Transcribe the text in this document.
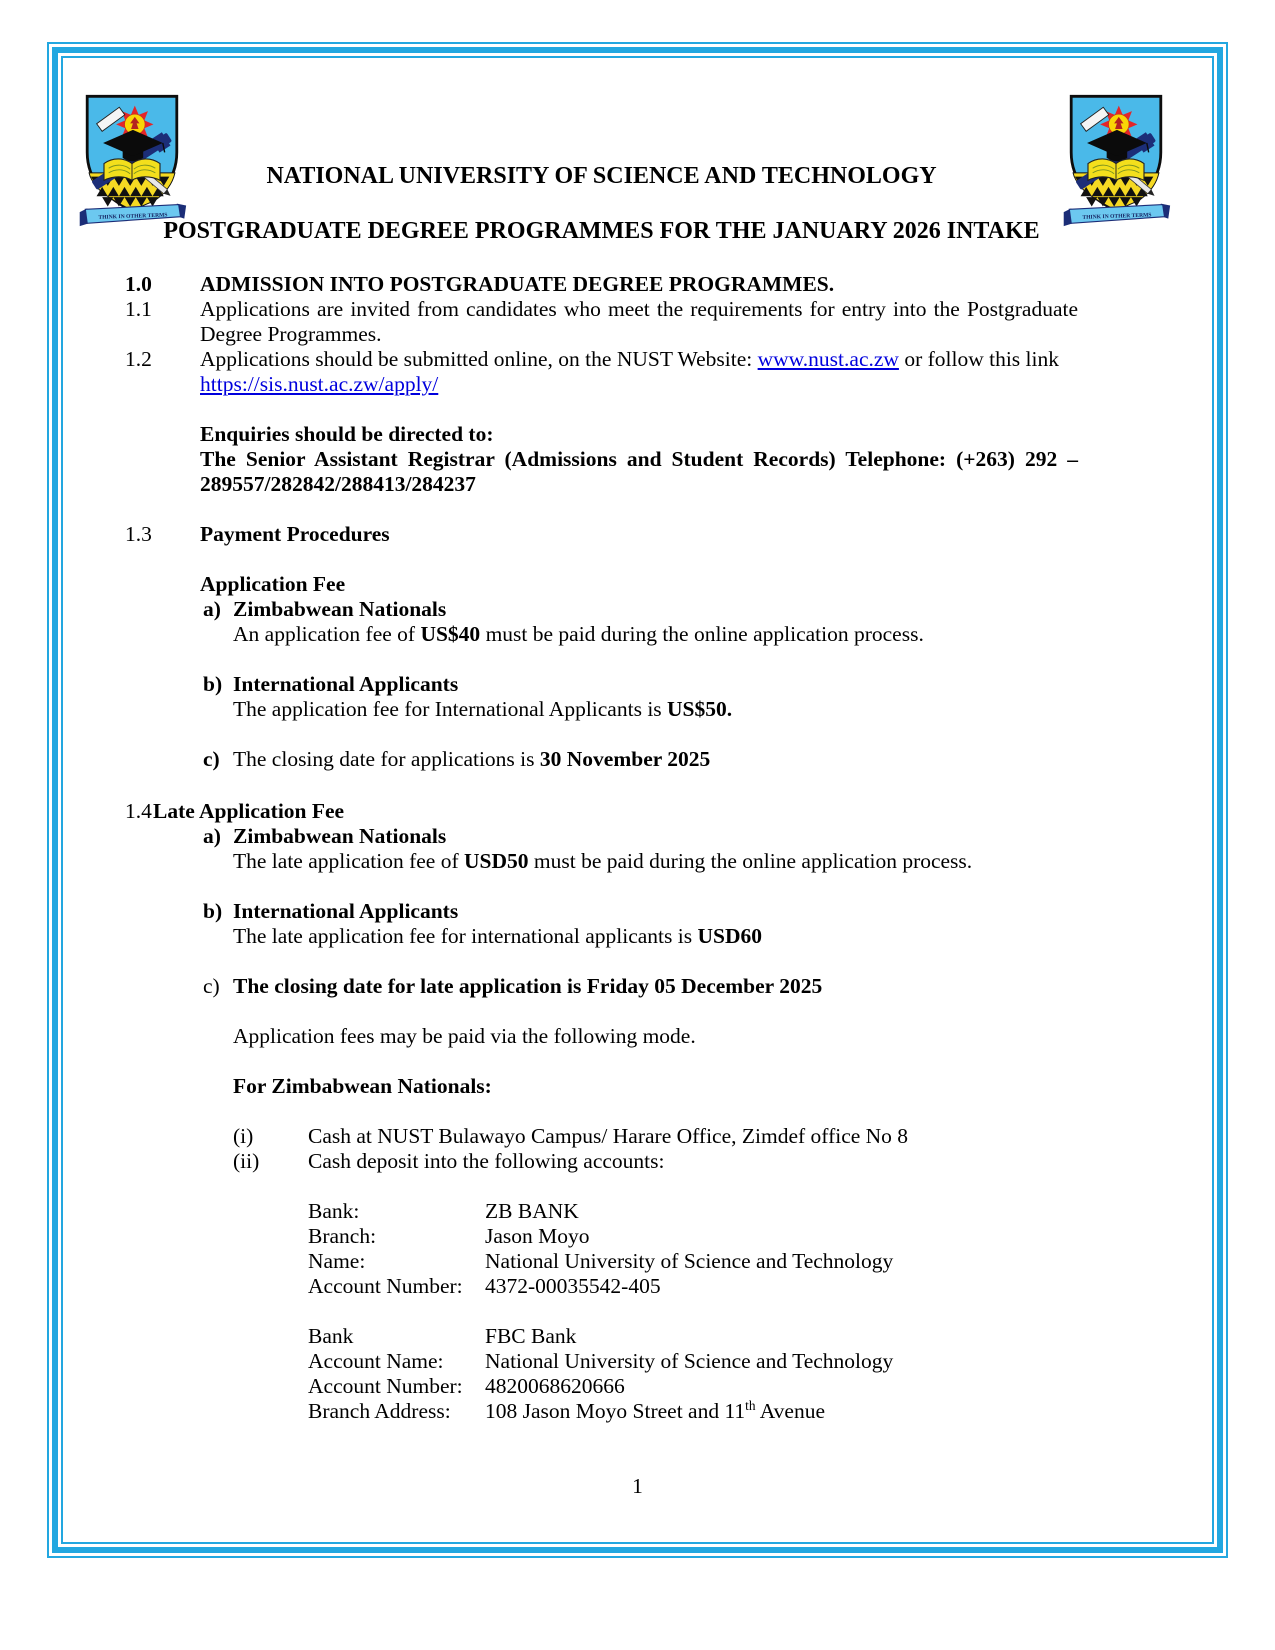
NATIONAL UNIVERSITY OF SCIENCE AND TECHNOLOGY
POSTGRADUATE DEGREE PROGRAMMES FOR THE JANUARY 2026 INTAKE
1.0	ADMISSION INTO POSTGRADUATE DEGREE PROGRAMMES.
1.1	Applications are invited from candidates who meet the requirements for entry into the Postgraduate Degree Programmes.
1.2	Applications should be submitted online, on the NUST Website: www.nust.ac.zw or follow this link
https://sis.nust.ac.zw/apply/
Enquiries should be directed to:
The Senior Assistant Registrar (Admissions and Student Records) Telephone: (+263) 292 – 289557/282842/288413/284237
1.3	Payment Procedures
Application Fee
a) Zimbabwean Nationals
An application fee of US$40 must be paid during the online application process.
b) International Applicants
The application fee for International Applicants is US$50.
c) The closing date for applications is 30 November 2025
1.4 Late Application Fee
a) Zimbabwean Nationals
The late application fee of USD50 must be paid during the online application process.
b) International Applicants
The late application fee for international applicants is USD60
c) The closing date for late application is Friday 05 December 2025
Application fees may be paid via the following mode.
For Zimbabwean Nationals:
(i)	Cash at NUST Bulawayo Campus/ Harare Office, Zimdef office No 8
(ii)	Cash deposit into the following accounts:
Bank:	ZB BANK
Branch:	Jason Moyo
Name:	National University of Science and Technology
Account Number:	4372-00035542-405
Bank	FBC Bank
Account Name:	National University of Science and Technology
Account Number:	4820068620666
Branch Address:	108 Jason Moyo Street and 11th Avenue
1
